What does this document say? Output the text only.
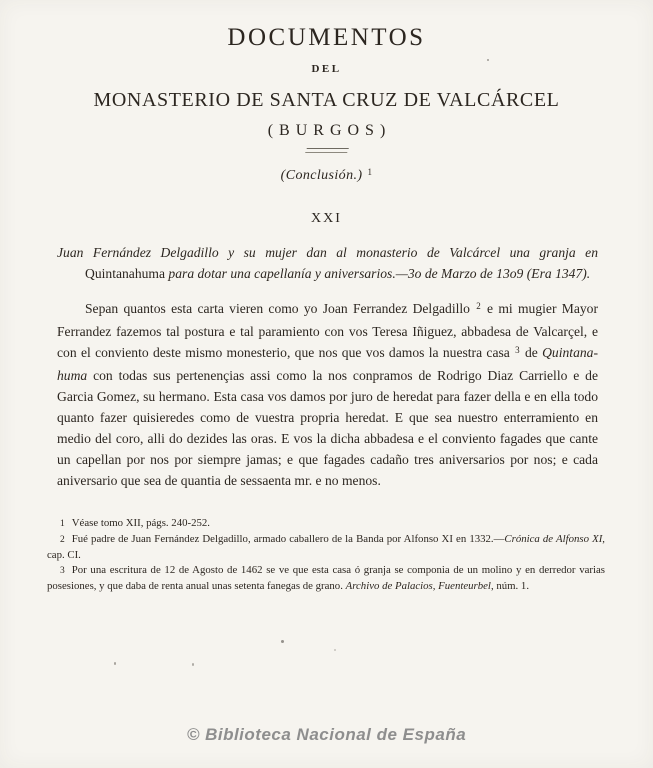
DOCUMENTOS
DEL
MONASTERIO DE SANTA CRUZ DE VALCÁRCEL
(BURGOS)
(Conclusión.) $^1$
XXI

Juan Fernández Delgadillo y su mujer dan al monasterio de Valcárcel una granja en Quintanahuma para dotar una capellanía y aniversarios.—3o de Marzo de 13o9 (Era 1347).

Sepan quantos esta carta vieren como yo Joan Ferrandez Delgadillo $^2$ e mi mugier Mayor Ferrandez fazemos tal postura e tal paramiento con vos Teresa Iñiguez, abbadesa de Valcarçel, e con el conviento deste mismo monesterio, que nos que vos damos la nuestra casa $^3$ de Quintana-huma con todas sus pertenençias assi como la nos conpramos de Rodrigo Diaz Carriello e de Garcia Gomez, su hermano. Esta casa vos damos por juro de heredat para fazer della e en ella todo quanto fazer quisieredes como de vuestra propria heredat. E que sea nuestro enterramiento en medio del coro, alli do dezides las oras. E vos la dicha abbadesa e el conviento fagades que cante un capellan por nos por siempre jamas; e que fagades cadaño tres aniversarios por nos; e cada aniversario que sea de quantia de sessaenta mr. e no menos.

1 Véase tomo XII, págs. 240-252.

2 Fué padre de Juan Fernández Delgadillo, armado caballero de la Banda por Alfonso XI en 1332.—Crónica de Alfonso XI, cap. CI.

3 Por una escritura de 12 de Agosto de 1462 se ve que esta casa ó granja se componia de un molino y en derredor varias posesiones, y que daba de renta anual unas setenta fanegas de grano. Archivo de Palacios, Fuenteurbel, núm. 1.

© Biblioteca Nacional de España
